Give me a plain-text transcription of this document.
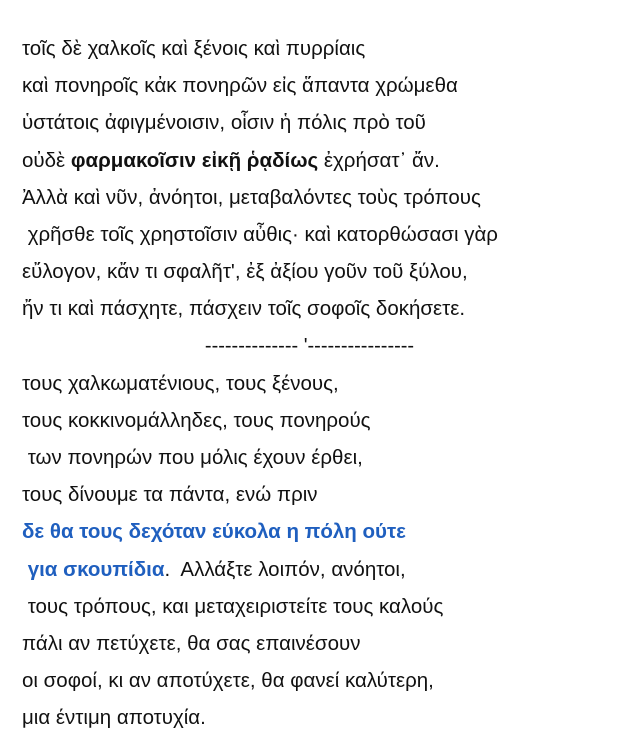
τοῖς δὲ χαλκοῖς καὶ ξένοις καὶ πυρρίαις
καὶ πονηροῖς κἀκ πονηρῶν εἰς ἅπαντα χρώμεθα
ὑστάτοις ἀφιγμένοισιν, οἷσιν ἡ πόλις πρὸ τοῦ
οὐδὲ φαρμακοῖσιν εἰκῇ ῥᾳδίως ἐχρήσατ᾽ ἄν.
Ἀλλὰ καὶ νῦν, ἀνόητοι, μεταβαλόντες τοὺς τρόπους
χρῆσθε τοῖς χρηστοῖσιν αὖθις· καὶ κατορθώσασι γὰρ
εὔλογον, κἄν τι σφαλῆτ', ἐξ ἀξίου γοῦν τοῦ ξύλου,
ἤν τι καὶ πάσχητε, πάσχειν τοῖς σοφοῖς δοκήσετε.
-------------- '----------------
τους χαλκωματένιους, τους ξένους,
τους κοκκινομάλληδες, τους πονηρούς
των πονηρών που μόλις έχουν έρθει,
τους δίνουμε τα πάντα, ενώ πριν
δε θα τους δεχόταν εύκολα η πόλη ούτε
για σκουπίδια.  Αλλάξτε λοιπόν, ανόητοι,
τους τρόπους, και μεταχειριστείτε τους καλούς
πάλι αν πετύχετε, θα σας επαινέσουν
οι σοφοί, κι αν αποτύχετε, θα φανεί καλύτερη,
μια έντιμη αποτυχία.
